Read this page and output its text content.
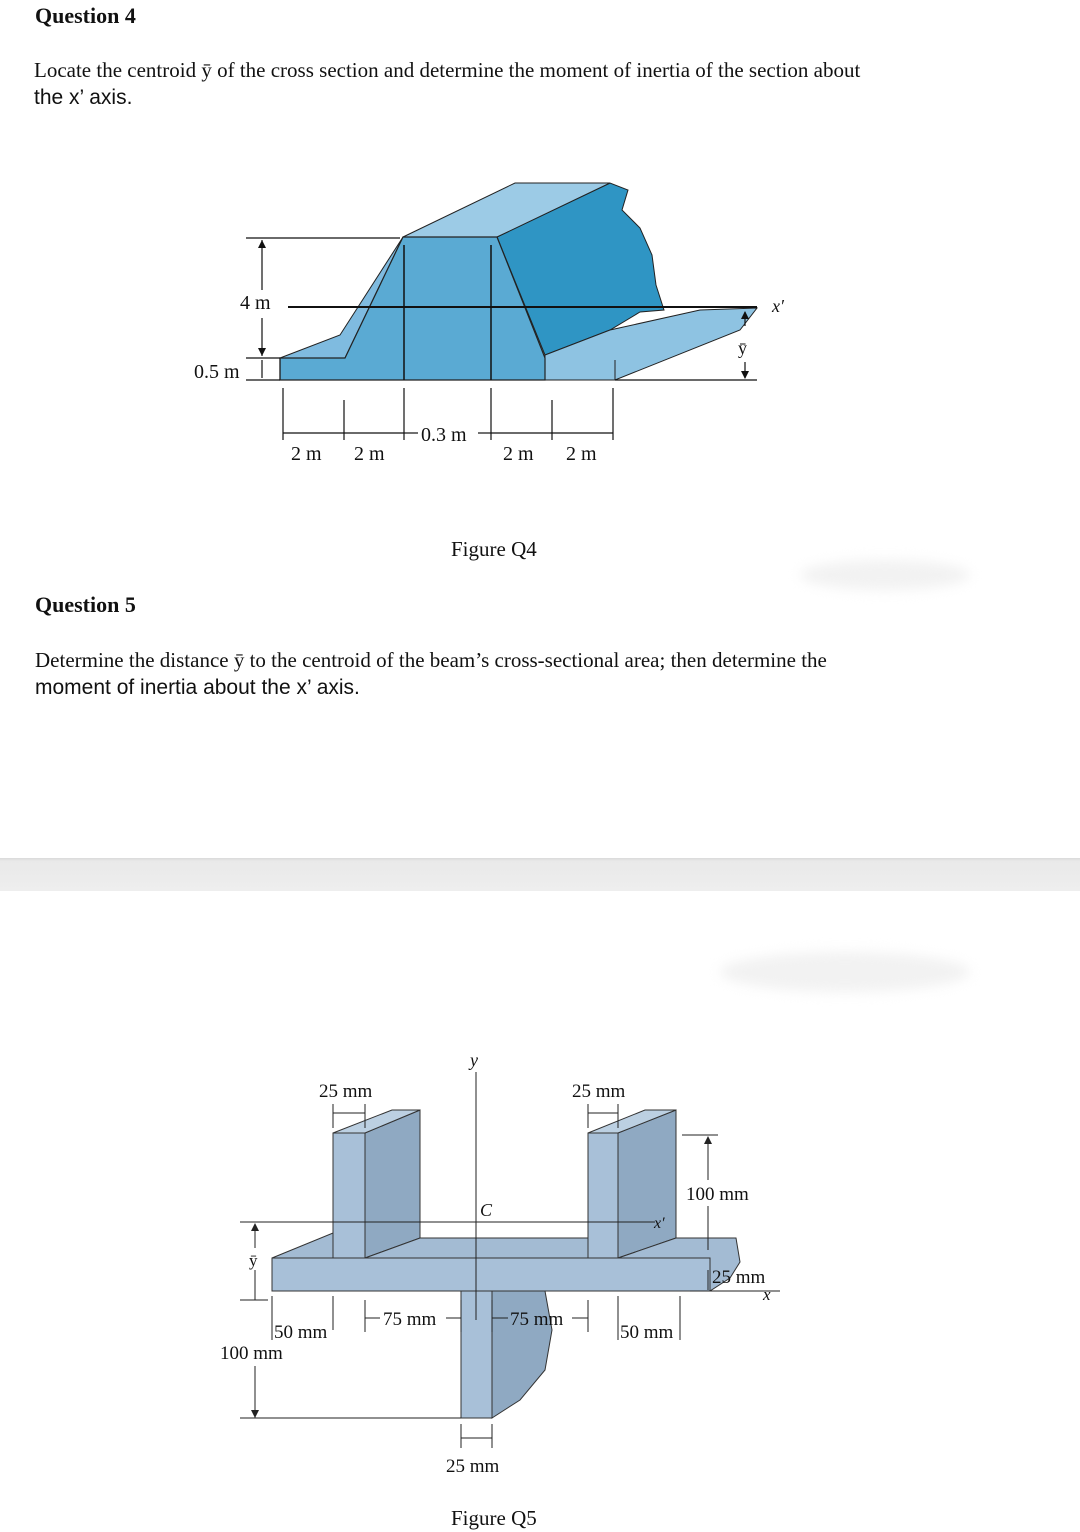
Question 4
Locate the centroid ȳ of the cross section and determine the moment of inertia of the section about
the x’ axis.
x′
4 m
0.5 m
ȳ
2 m 2 m
0.3 m
2 m 2 m
Figure Q4
Question 5
Determine the distance ȳ to the centroid of the beam’s cross-sectional area; then determine the
moment of inertia about the x’ axis.
y
C
x′
x
25 mm	25 mm
100 mm
25 mm
ȳ
100 mm
50 mm
75 mm	75 mm
50 mm
25 mm
Figure Q5
